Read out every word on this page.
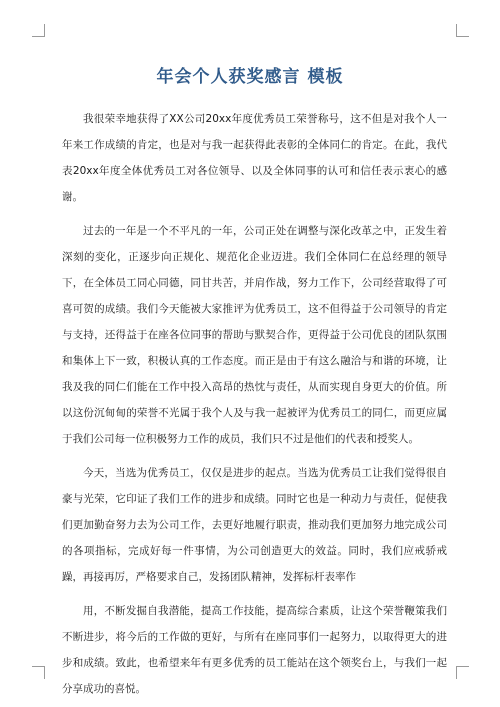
年会个人获奖感言 模板

我很荣幸地获得了XX公司20xx年度优秀员工荣誉称号，这不但是对我个人一年来工作成绩的肯定，也是对与我一起获得此表彰的全体同仁的肯定。在此，我代表20xx年度全体优秀员工对各位领导、以及全体同事的认可和信任表示衷心的感谢。

过去的一年是一个不平凡的一年，公司正处在调整与深化改革之中，正发生着深刻的变化，正逐步向正规化、规范化企业迈进。我们全体同仁在总经理的领导下，在全体员工同心同德，同甘共苦，并肩作战，努力工作下，公司经营取得了可喜可贺的成绩。我们今天能被大家推评为优秀员工，这不但得益于公司领导的肯定与支持，还得益于在座各位同事的帮助与默契合作，更得益于公司优良的团队氛围和集体上下一致，积极认真的工作态度。而正是由于有这么融洽与和谐的环境，让我及我的同仁们能在工作中投入高昂的热忱与责任，从而实现自身更大的价值。所以这份沉甸甸的荣誉不光属于我个人及与我一起被评为优秀员工的同仁，而更应属于我们公司每一位积极努力工作的成员，我们只不过是他们的代表和授奖人。

今天，当选为优秀员工，仅仅是进步的起点。当选为优秀员工让我们觉得很自豪与光荣，它印证了我们工作的进步和成绩。同时它也是一种动力与责任，促使我们更加勤奋努力去为公司工作，去更好地履行职责，推动我们更加努力地完成公司的各项指标，完成好每一件事情，为公司创造更大的效益。同时，我们应戒骄戒躁，再接再厉，严格要求自己，发扬团队精神，发挥标杆表率作

用，不断发掘自我潜能，提高工作技能，提高综合素质，让这个荣誉鞭策我们不断进步，将今后的工作做的更好，与所有在座同事们一起努力，以取得更大的进步和成绩。致此，也希望来年有更多优秀的员工能站在这个领奖台上，与我们一起分享成功的喜悦。
